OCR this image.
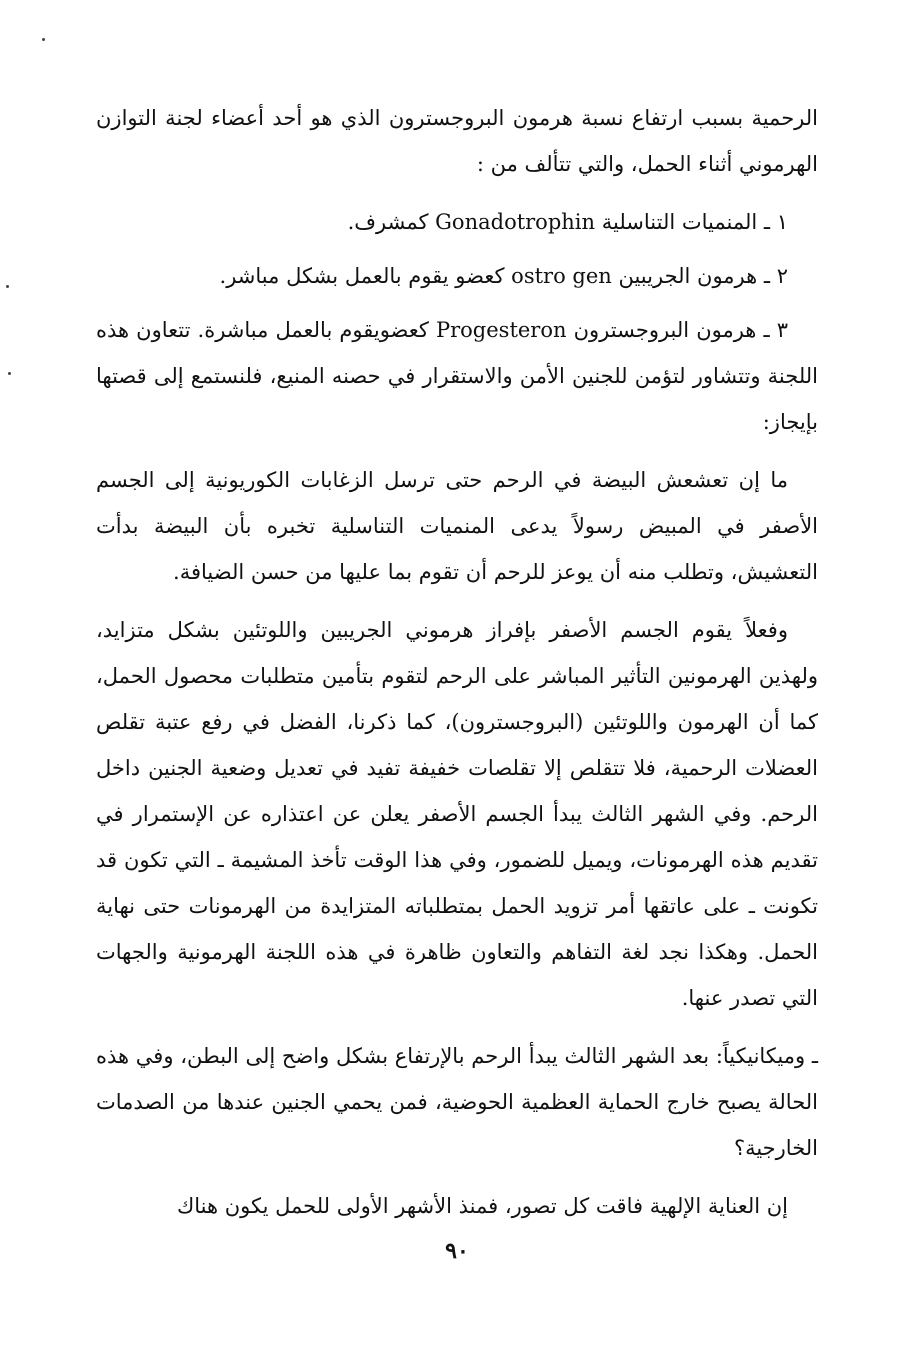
الرحمية بسبب ارتفاع نسبة هرمون البروجسترون الذي هو أحد أعضاء لجنة التوازن الهرموني أثناء الحمل، والتي تتألف من :

١ ـ المنميات التناسلية Gonadotrophin كمشرف.

٢ ـ هرمون الجريبين ostro gen كعضو يقوم بالعمل بشكل مباشر.

٣ ـ هرمون البروجسترون Progesteron كعضويقوم بالعمل مباشرة. تتعاون هذه اللجنة وتتشاور لتؤمن للجنين الأمن والاستقرار في حصنه المنيع، فلنستمع إلى قصتها بإيجاز:

ما إن تعشعش البيضة في الرحم حتى ترسل الزغابات الكوريونية إلى الجسم الأصفر في المبيض رسولاً يدعى المنميات التناسلية تخبره بأن البيضة بدأت التعشيش، وتطلب منه أن يوعز للرحم أن تقوم بما عليها من حسن الضيافة.

وفعلاً يقوم الجسم الأصفر بإفراز هرموني الجريبين واللوتئين بشكل متزايد، ولهذين الهرمونين التأثير المباشر على الرحم لتقوم بتأمين متطلبات محصول الحمل، كما أن الهرمون واللوتئين (البروجسترون)، كما ذكرنا، الفضل في رفع عتبة تقلص العضلات الرحمية، فلا تتقلص إلا تقلصات خفيفة تفيد في تعديل وضعية الجنين داخل الرحم. وفي الشهر الثالث يبدأ الجسم الأصفر يعلن عن اعتذاره عن الإستمرار في تقديم هذه الهرمونات، ويميل للضمور، وفي هذا الوقت تأخذ المشيمة ـ التي تكون قد تكونت ـ على عاتقها أمر تزويد الحمل بمتطلباته المتزايدة من الهرمونات حتى نهاية الحمل. وهكذا نجد لغة التفاهم والتعاون ظاهرة في هذه اللجنة الهرمونية والجهات التي تصدر عنها.

ـ وميكانيكياً: بعد الشهر الثالث يبدأ الرحم بالإرتفاع بشكل واضح إلى البطن، وفي هذه الحالة يصبح خارج الحماية العظمية الحوضية، فمن يحمي الجنين عندها من الصدمات الخارجية؟

إن العناية الإلهية فاقت كل تصور، فمنذ الأشهر الأولى للحمل يكون هناك

٩٠
